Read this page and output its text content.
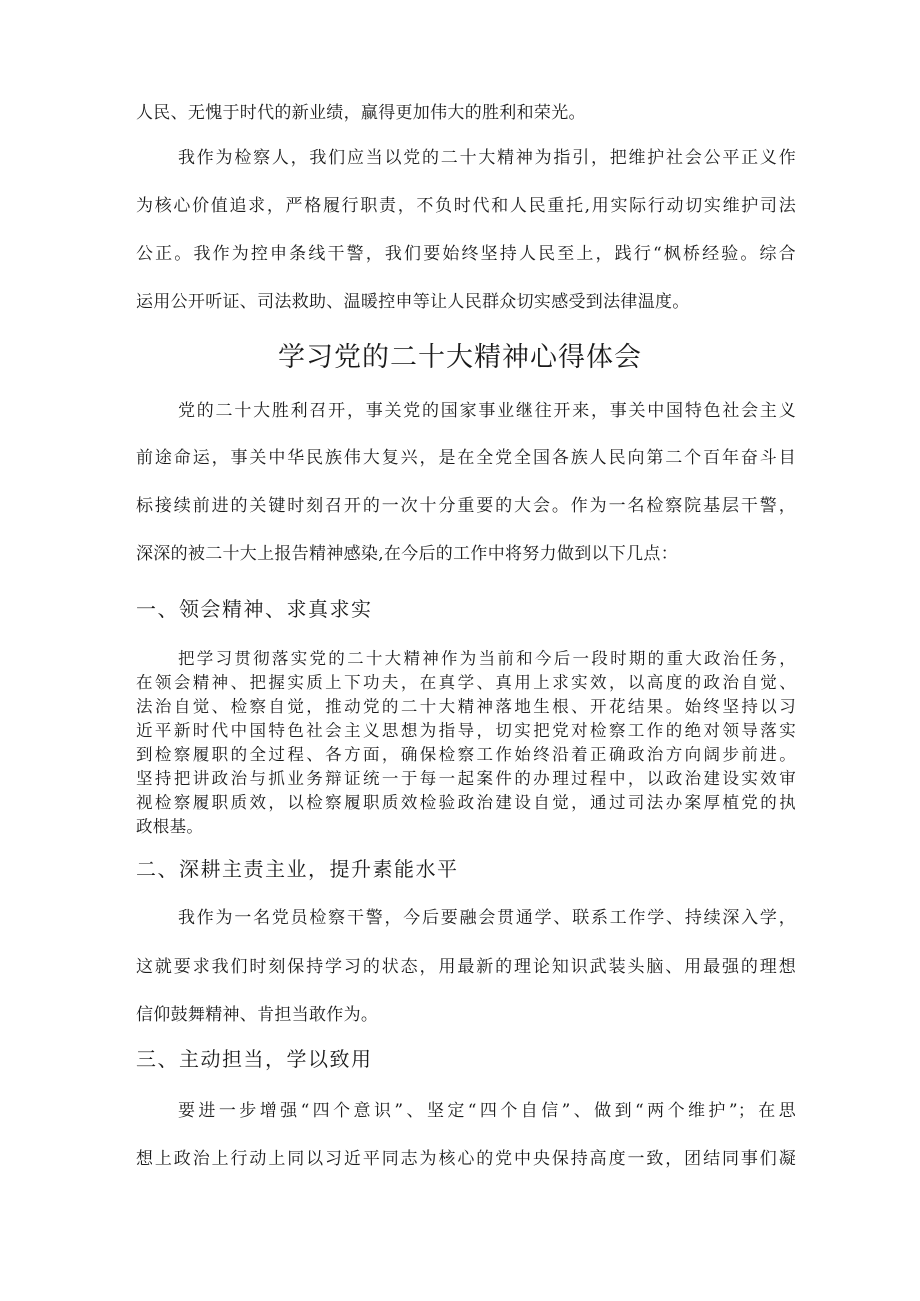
人民、无愧于时代的新业绩，赢得更加伟大的胜利和荣光。
我作为检察人，我们应当以党的二十大精神为指引，把维护社会公平正义作
为核心价值追求，严格履行职责，不负时代和人民重托,用实际行动切实维护司法
公正。我作为控申条线干警，我们要始终坚持人民至上，践行“枫桥经验。综合
运用公开听证、司法救助、温暖控申等让人民群众切实感受到法律温度。
学习党的二十大精神心得体会
党的二十大胜利召开，事关党的国家事业继往开来，事关中国特色社会主义
前途命运，事关中华民族伟大复兴，是在全党全国各族人民向第二个百年奋斗目
标接续前进的关键时刻召开的一次十分重要的大会。作为一名检察院基层干警，
深深的被二十大上报告精神感染,在今后的工作中将努力做到以下几点：
一、领会精神、求真求实
把学习贯彻落实党的二十大精神作为当前和今后一段时期的重大政治任务，
在领会精神、把握实质上下功夫，在真学、真用上求实效，以高度的政治自觉、
法治自觉、检察自觉，推动党的二十大精神落地生根、开花结果。始终坚持以习
近平新时代中国特色社会主义思想为指导，切实把党对检察工作的绝对领导落实
到检察履职的全过程、各方面，确保检察工作始终沿着正确政治方向阔步前进。
坚持把讲政治与抓业务辩证统一于每一起案件的办理过程中，以政治建设实效审
视检察履职质效，以检察履职质效检验政治建设自觉，通过司法办案厚植党的执
政根基。
二、深耕主责主业，提升素能水平
我作为一名党员检察干警，今后要融会贯通学、联系工作学、持续深入学，
这就要求我们时刻保持学习的状态，用最新的理论知识武装头脑、用最强的理想
信仰鼓舞精神、肯担当敢作为。
三、主动担当，学以致用
要进一步增强“四个意识”、坚定“四个自信”、做到“两个维护”；在思
想上政治上行动上同以习近平同志为核心的党中央保持高度一致，团结同事们凝
